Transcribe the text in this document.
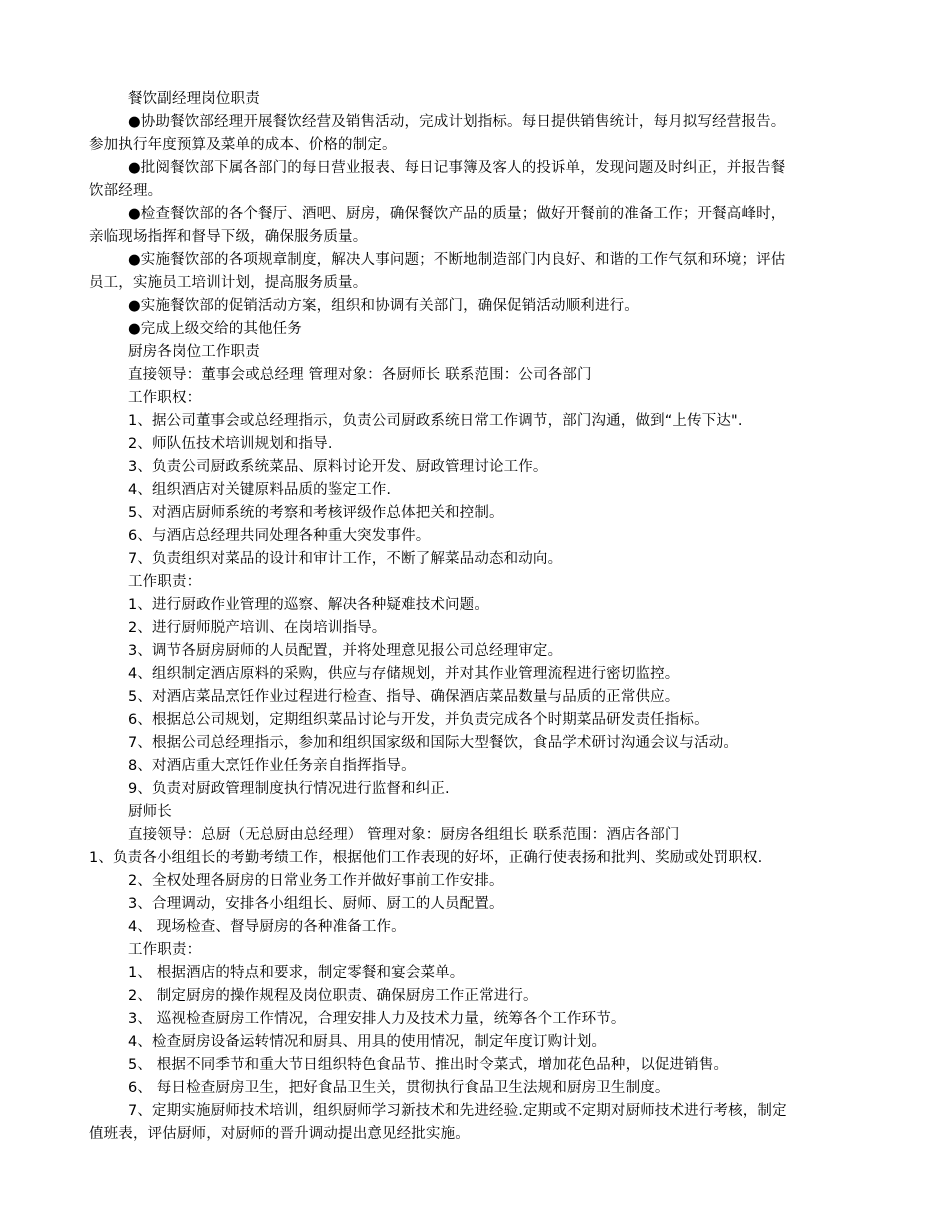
餐饮副经理岗位职责
●协助餐饮部经理开展餐饮经营及销售活动，完成计划指标。每日提供销售统计，每月拟写经营报告。
参加执行年度预算及菜单的成本、价格的制定。
●批阅餐饮部下属各部门的每日营业报表、每日记事簿及客人的投诉单，发现问题及时纠正，并报告餐
饮部经理。
●检查餐饮部的各个餐厅、酒吧、厨房，确保餐饮产品的质量；做好开餐前的准备工作；开餐高峰时，
亲临现场指挥和督导下级，确保服务质量。
●实施餐饮部的各项规章制度，解决人事问题；不断地制造部门内良好、和谐的工作气氛和环境；评估
员工，实施员工培训计划，提高服务质量。
●实施餐饮部的促销活动方案，组织和协调有关部门，确保促销活动顺利进行。
●完成上级交给的其他任务
厨房各岗位工作职责
直接领导：董事会或总经理 管理对象：各厨师长 联系范围：公司各部门
工作职权：
1、据公司董事会或总经理指示，负责公司厨政系统日常工作调节，部门沟通，做到“上传下达".
2、师队伍技术培训规划和指导.
3、负责公司厨政系统菜品、原料讨论开发、厨政管理讨论工作。
4、组织酒店对关键原料品质的鉴定工作.
5、对酒店厨师系统的考察和考核评级作总体把关和控制。
6、与酒店总经理共同处理各种重大突发事件。
7、负责组织对菜品的设计和审计工作，不断了解菜品动态和动向。
工作职责：
1、进行厨政作业管理的巡察、解决各种疑难技术问题。
2、进行厨师脱产培训、在岗培训指导。
3、调节各厨房厨师的人员配置，并将处理意见报公司总经理审定。
4、组织制定酒店原料的采购，供应与存储规划，并对其作业管理流程进行密切监控。
5、对酒店菜品烹饪作业过程进行检查、指导、确保酒店菜品数量与品质的正常供应。
6、根据总公司规划，定期组织菜品讨论与开发，并负责完成各个时期菜品研发责任指标。
7、根据公司总经理指示，参加和组织国家级和国际大型餐饮，食品学术研讨沟通会议与活动。
8、对酒店重大烹饪作业任务亲自指挥指导。
9、负责对厨政管理制度执行情况进行监督和纠正.
厨师长
直接领导：总厨（无总厨由总经理） 管理对象：厨房各组组长 联系范围：酒店各部门
1、负责各小组组长的考勤考绩工作，根据他们工作表现的好坏，正确行使表扬和批判、奖励或处罚职权.
2、全权处理各厨房的日常业务工作并做好事前工作安排。
3、合理调动，安排各小组组长、厨师、厨工的人员配置。
4、 现场检查、督导厨房的各种准备工作。
工作职责：
1、 根据酒店的特点和要求，制定零餐和宴会菜单。
2、 制定厨房的操作规程及岗位职责、确保厨房工作正常进行。
3、 巡视检查厨房工作情况，合理安排人力及技术力量，统筹各个工作环节。
4、检查厨房设备运转情况和厨具、用具的使用情况，制定年度订购计划。
5、 根据不同季节和重大节日组织特色食品节、推出时令菜式，增加花色品种，以促进销售。
6、 每日检查厨房卫生，把好食品卫生关，贯彻执行食品卫生法规和厨房卫生制度。
7、定期实施厨师技术培训，组织厨师学习新技术和先进经验.定期或不定期对厨师技术进行考核，制定
值班表，评估厨师，对厨师的晋升调动提出意见经批实施。
